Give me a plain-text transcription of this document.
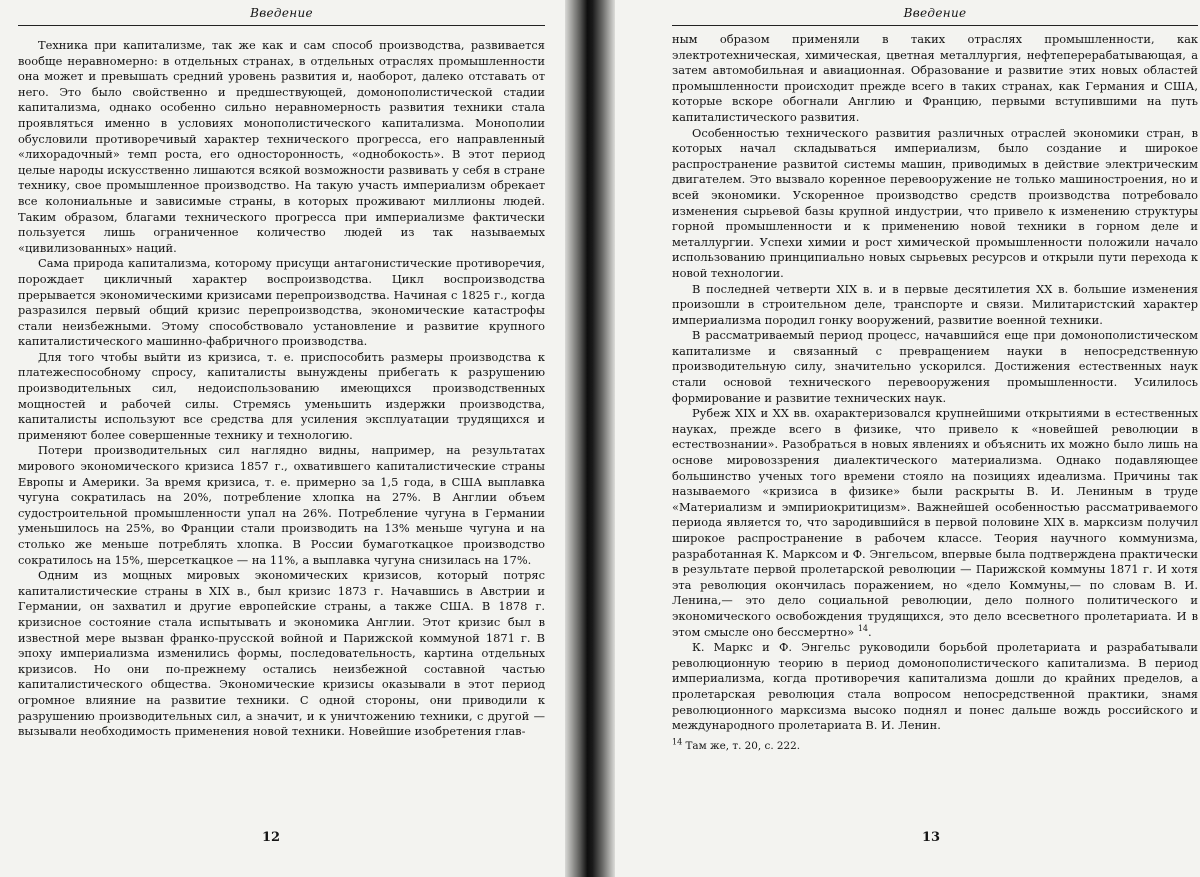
Введение

Техника при капитализме, так же как и сам способ производства, развивается вообще неравномерно: в отдельных странах, в отдельных отраслях промышленности она может и превышать средний уровень развития и, наоборот, далеко отставать от него. Это было свойственно и предшествующей, домонополистической стадии капитализма, однако особенно сильно неравномерность развития техники стала проявляться именно в условиях монополистического капитализма. Монополии обусловили противоречивый характер технического прогресса, его направленный «лихорадочный» темп роста, его односторонность, «однобокость». В этот период целые народы искусственно лишаются всякой возможности развивать у себя в стране технику, свое промышленное производство. На такую участь империализм обрекает все колониальные и зависимые страны, в которых проживают миллионы людей. Таким образом, благами технического прогресса при империализме фактически пользуется лишь ограниченное количество людей из так называемых «цивилизованных» наций.

Сама природа капитализма, которому присущи антагонистические противоречия, порождает цикличный характер воспроизводства. Цикл воспроизводства прерывается экономическими кризисами перепроизводства. Начиная с 1825 г., когда разразился первый общий кризис перепроизводства, экономические катастрофы стали неизбежными. Этому способствовало установление и развитие крупного капиталистического машинно-фабричного производства.

Для того чтобы выйти из кризиса, т. е. приспособить размеры производства к платежеспособному спросу, капиталисты вынуждены прибегать к разрушению производительных сил, недоиспользованию имеющихся производственных мощностей и рабочей силы. Стремясь уменьшить издержки производства, капиталисты используют все средства для усиления эксплуатации трудящихся и применяют более совершенные технику и технологию.

Потери производительных сил наглядно видны, например, на результатах мирового экономического кризиса 1857 г., охватившего капиталистические страны Европы и Америки. За время кризиса, т. е. примерно за 1,5 года, в США выплавка чугуна сократилась на 20%, потребление хлопка на 27%. В Англии объем судостроительной промышленности упал на 26%. Потребление чугуна в Германии уменьшилось на 25%, во Франции стали производить на 13% меньше чугуна и на столько же меньше потреблять хлопка. В России бумаготкацкое производство сократилось на 15%, шерсеткацкое — на 11%, а выплавка чугуна снизилась на 17%.

Одним из мощных мировых экономических кризисов, который потряс капиталистические страны в XIX в., был кризис 1873 г. Начавшись в Австрии и Германии, он захватил и другие европейские страны, а также США. В 1878 г. кризисное состояние стала испытывать и экономика Англии. Этот кризис был в известной мере вызван франко-прусской войной и Парижской коммуной 1871 г. В эпоху империализма изменились формы, последовательность, картина отдельных кризисов. Но они по-прежнему остались неизбежной составной частью капиталистического общества. Экономические кризисы оказывали в этот период огромное влияние на развитие техники. С одной стороны, они приводили к разрушению производительных сил, а значит, и к уничтожению техники, с другой — вызывали необходимость применения новой техники. Новейшие изобретения глав-

12
Введение

ным образом применяли в таких отраслях промышленности, как электротехническая, химическая, цветная металлургия, нефтеперерабатывающая, а затем автомобильная и авиационная. Образование и развитие этих новых областей промышленности происходит прежде всего в таких странах, как Германия и США, которые вскоре обогнали Англию и Францию, первыми вступившими на путь капиталистического развития.

Особенностью технического развития различных отраслей экономики стран, в которых начал складываться империализм, было создание и широкое распространение развитой системы машин, приводимых в действие электрическим двигателем. Это вызвало коренное перевооружение не только машиностроения, но и всей экономики. Ускоренное производство средств производства потребовало изменения сырьевой базы крупной индустрии, что привело к изменению структуры горной промышленности и к применению новой техники в горном деле и металлургии. Успехи химии и рост химической промышленности положили начало использованию принципиально новых сырьевых ресурсов и открыли пути перехода к новой технологии.

В последней четверти XIX в. и в первые десятилетия XX в. большие изменения произошли в строительном деле, транспорте и связи. Милитаристский характер империализма породил гонку вооружений, развитие военной техники.

В рассматриваемый период процесс, начавшийся еще при домонополистическом капитализме и связанный с превращением науки в непосредственную производительную силу, значительно ускорился. Достижения естественных наук стали основой технического перевооружения промышленности. Усилилось формирование и развитие технических наук.

Рубеж XIX и XX вв. охарактеризовался крупнейшими открытиями в естественных науках, прежде всего в физике, что привело к «новейшей революции в естествознании». Разобраться в новых явлениях и объяснить их можно было лишь на основе мировоззрения диалектического материализма. Однако подавляющее большинство ученых того времени стояло на позициях идеализма. Причины так называемого «кризиса в физике» были раскрыты В. И. Лениным в труде «Материализм и эмпириокритицизм». Важнейшей особенностью рассматриваемого периода является то, что зародившийся в первой половине XIX в. марксизм получил широкое распространение в рабочем классе. Теория научного коммунизма, разработанная К. Марксом и Ф. Энгельсом, впервые была подтверждена практически в результате первой пролетарской революции — Парижской коммуны 1871 г. И хотя эта революция окончилась поражением, но «дело Коммуны,— по словам В. И. Ленина,— это дело социальной революции, дело полного политического и экономического освобождения трудящихся, это дело всесветного пролетариата. И в этом смысле оно бессмертно» $^{14}$.

К. Маркс и Ф. Энгельс руководили борьбой пролетариата и разрабатывали революционную теорию в период домонополистического капитализма. В период империализма, когда противоречия капитализма дошли до крайних пределов, а пролетарская революция стала вопросом непосредственной практики, знамя революционного марксизма высоко поднял и понес дальше вождь российского и международного пролетариата В. И. Ленин.

$^{14}$ Там же, т. 20, с. 222.

13
